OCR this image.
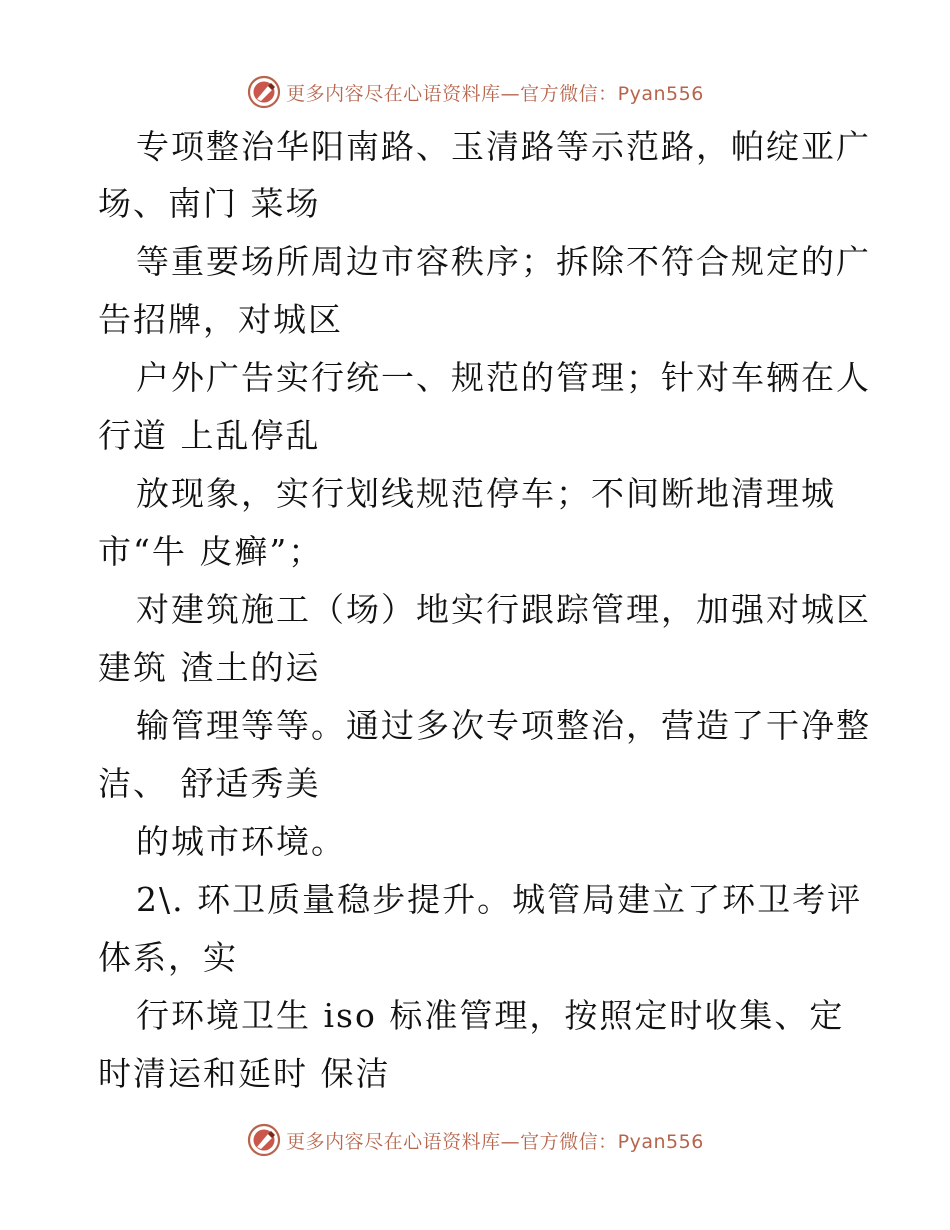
更多内容尽在心语资料库—官方微信：Pyan556
专项整治华阳南路、玉清路等示范路，帕绽亚广
场、南门 菜场
等重要场所周边市容秩序；拆除不符合规定的广
告招牌，对城区
户外广告实行统一、规范的管理；针对车辆在人
行道 上乱停乱
放现象，实行划线规范停车；不间断地清理城
市“牛 皮癣”；
对建筑施工（场）地实行跟踪管理，加强对城区
建筑 渣土的运
输管理等等。通过多次专项整治，营造了干净整
洁、 舒适秀美
的城市环境。
2\. 环卫质量稳步提升。城管局建立了环卫考评
体系，实
行环境卫生 iso 标准管理，按照定时收集、定
时清运和延时 保洁
更多内容尽在心语资料库—官方微信：Pyan556
